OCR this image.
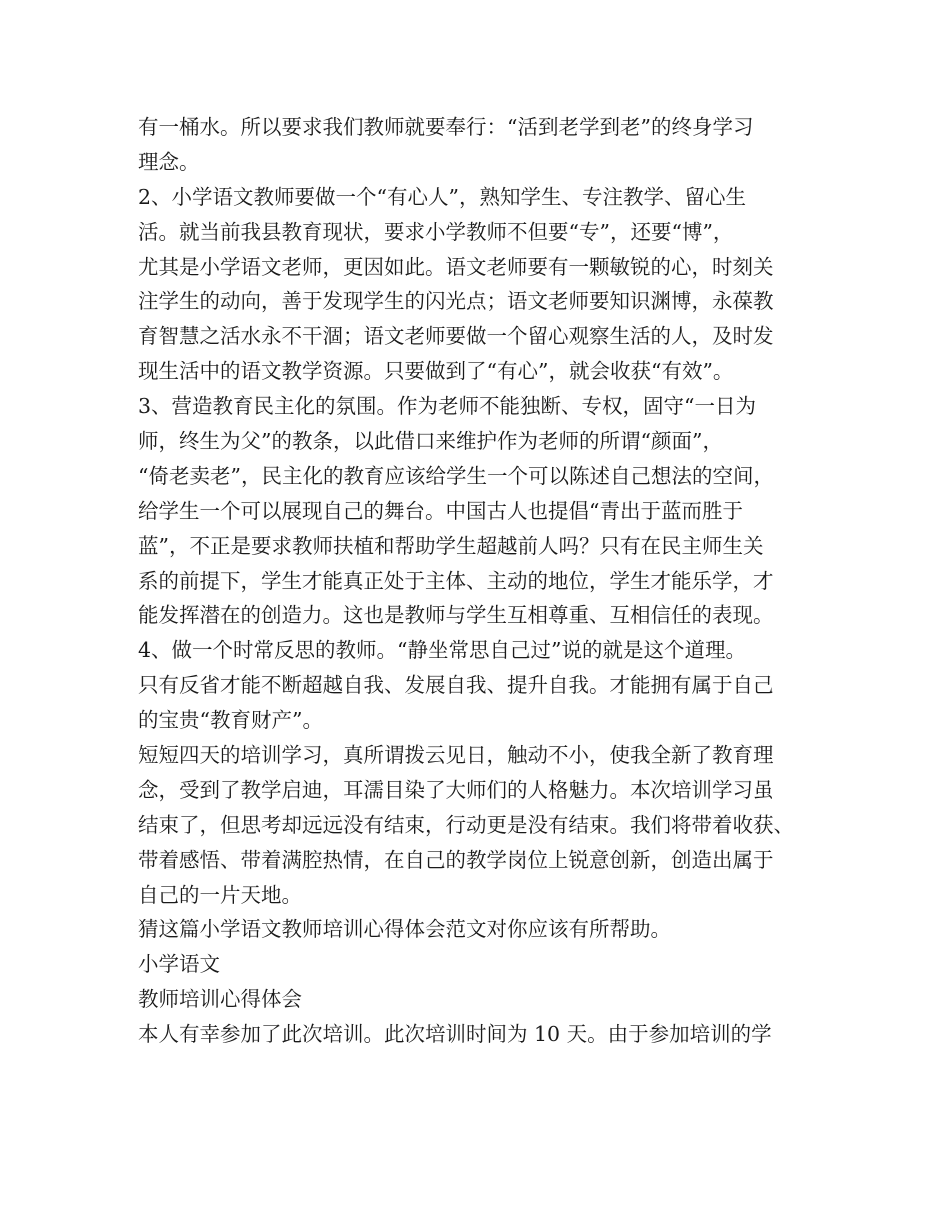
有一桶水。所以要求我们教师就要奉行：“活到老学到老”的终身学习
理念。
2、小学语文教师要做一个“有心人”，熟知学生、专注教学、留心生
活。就当前我县教育现状，要求小学教师不但要“专”，还要“博”，
尤其是小学语文老师，更因如此。语文老师要有一颗敏锐的心，时刻关
注学生的动向，善于发现学生的闪光点；语文老师要知识渊博，永葆教
育智慧之活水永不干涸；语文老师要做一个留心观察生活的人，及时发
现生活中的语文教学资源。只要做到了“有心”，就会收获“有效”。
3、营造教育民主化的氛围。作为老师不能独断、专权，固守“一日为
师，终生为父”的教条，以此借口来维护作为老师的所谓“颜面”，
“倚老卖老”，民主化的教育应该给学生一个可以陈述自己想法的空间，
给学生一个可以展现自己的舞台。中国古人也提倡“青出于蓝而胜于
蓝”，不正是要求教师扶植和帮助学生超越前人吗？只有在民主师生关
系的前提下，学生才能真正处于主体、主动的地位，学生才能乐学，才
能发挥潜在的创造力。这也是教师与学生互相尊重、互相信任的表现。
4、做一个时常反思的教师。“静坐常思自己过”说的就是这个道理。
只有反省才能不断超越自我、发展自我、提升自我。才能拥有属于自己
的宝贵“教育财产”。
短短四天的培训学习，真所谓拨云见日，触动不小，使我全新了教育理
念，受到了教学启迪，耳濡目染了大师们的人格魅力。本次培训学习虽
结束了，但思考却远远没有结束，行动更是没有结束。我们将带着收获、
带着感悟、带着满腔热情，在自己的教学岗位上锐意创新，创造出属于
自己的一片天地。
猜这篇小学语文教师培训心得体会范文对你应该有所帮助。
小学语文
教师培训心得体会
本人有幸参加了此次培训。此次培训时间为 10 天。由于参加培训的学
